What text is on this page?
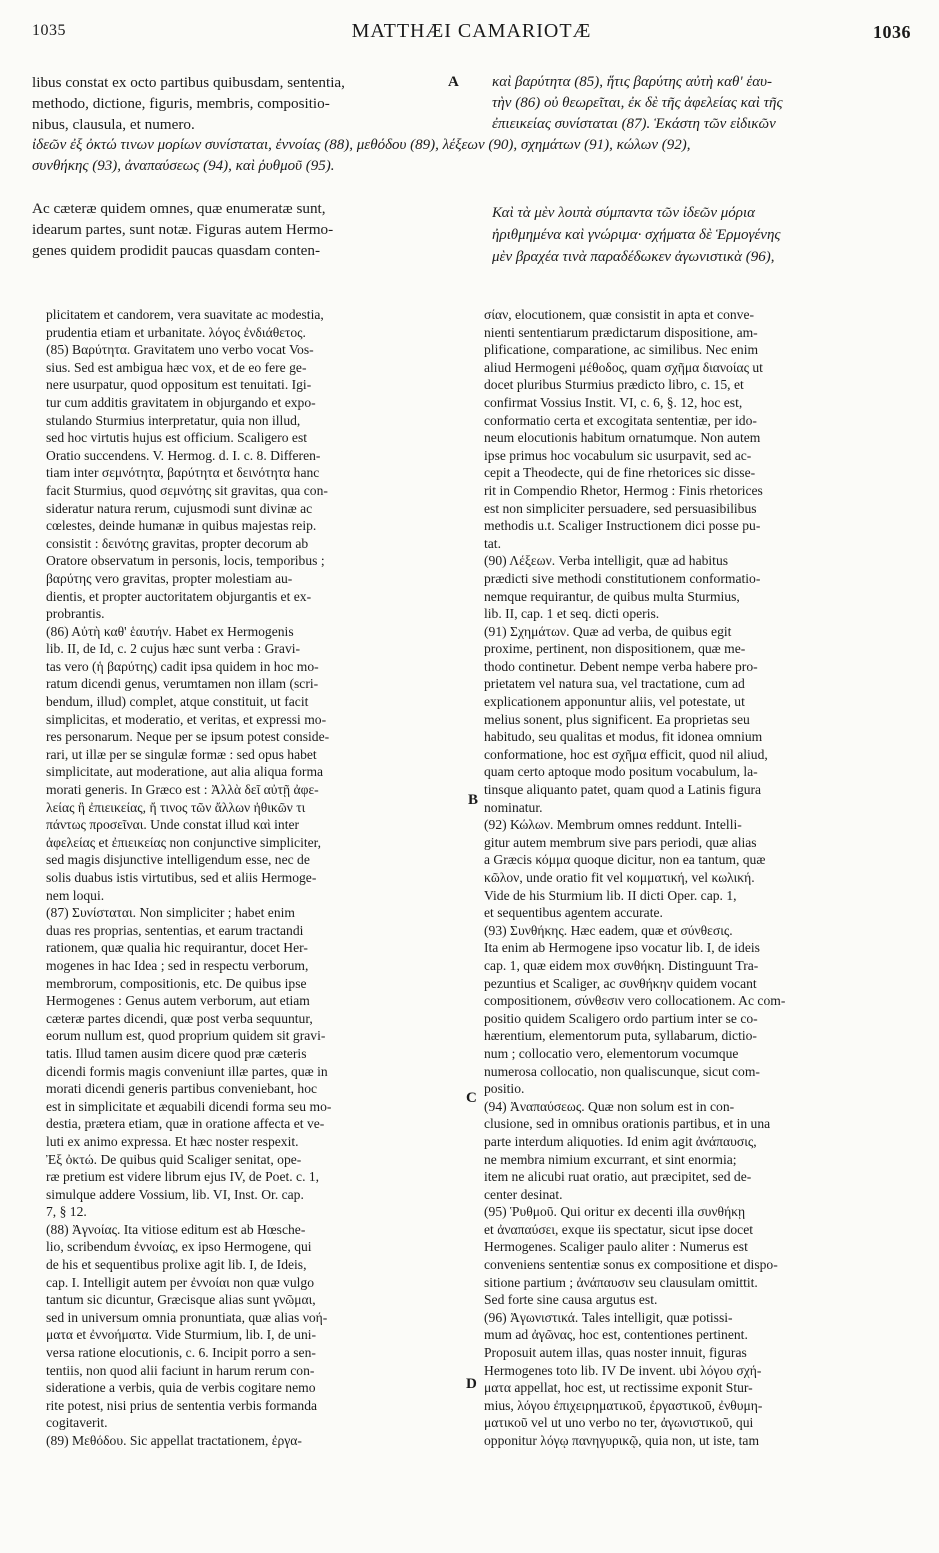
1035	MATTHÆI CAMARIOTÆ	1036
A
B
C
D
libus constat ex octo partibus quibusdam, sententia,
methodo, dictione, figuris, membris, compositio-
nibus, clausula, et numero.
καὶ βαρύτητα (85), ἥτις βαρύτης αὐτὴ καθ' ἑαυ-
τὴν (86) οὐ θεωρεῖται, ἐκ δὲ τῆς ἀφελείας καὶ τῆς
ἐπιεικείας συνίσταται (87). Ἑκάστη τῶν εἰδικῶν
ἰδεῶν ἐξ ὀκτώ τινων μορίων συνίσταται, ἐννοίας (88), μεθόδου (89), λέξεων (90), σχημάτων (91), κώλων (92),
συνθήκης (93), ἀναπαύσεως (94), καὶ ῥυθμοῦ (95).
Ac cæteræ quidem omnes, quæ enumeratæ sunt,
idearum partes, sunt notæ. Figuras autem Hermo-
genes quidem prodidit paucas quasdam conten-
Καὶ τὰ μὲν λοιπὰ σύμπαντα τῶν ἰδεῶν μόρια
ἠριθμημένα καὶ γνώριμα· σχήματα δὲ Ἑρμογένης
μὲν βραχέα τινὰ παραδέδωκεν ἀγωνιστικὰ (96),
plicitatem et candorem, vera suavitate ac modestia,
prudentia etiam et urbanitate. λόγος ἐνδιάθετος.
(85) Βαρύτητα. Gravitatem uno verbo vocat Vos-
sius. Sed est ambigua hæc vox, et de eo fere ge-
nere usurpatur, quod oppositum est tenuitati. Igi-
tur cum additis gravitatem in objurgando et expo-
stulando Sturmius interpretatur, quia non illud,
sed hoc virtutis hujus est officium. Scaligero est
Oratio succendens. V. Hermog. d. I. c. 8. Differen-
tiam inter σεμνότητα, βαρύτητα et δεινότητα hanc
facit Sturmius, quod σεμνότης sit gravitas, qua con-
sideratur natura rerum, cujusmodi sunt divinæ ac
cœlestes, deinde humanæ in quibus majestas reip.
consistit : δεινότης gravitas, propter decorum ab
Oratore observatum in personis, locis, temporibus ;
βαρύτης vero gravitas, propter molestiam au-
dientis, et propter auctoritatem objurgantis et ex-
probrantis.
(86) Αὐτὴ καθ' ἑαυτήν. Habet ex Hermogenis
lib. II, de Id, c. 2 cujus hæc sunt verba : Gravi-
tas vero (ἡ βαρύτης) cadit ipsa quidem in hoc mo-
ratum dicendi genus, verumtamen non illam (scri-
bendum, illud) complet, atque constituit, ut facit
simplicitas, et moderatio, et veritas, et expressi mo-
res personarum. Neque per se ipsum potest conside-
rari, ut illæ per se singulæ formæ : sed opus habet
simplicitate, aut moderatione, aut alia aliqua forma
morati generis. In Græco est : Ἀλλὰ δεῖ αὐτῇ ἀφε-
λείας ἢ ἐπιεικείας, ἤ τινος τῶν ἄλλων ἠθικῶν τι
πάντως προσεῖναι. Unde constat illud καὶ inter
ἀφελείας et ἐπιεικείας non conjunctive simpliciter,
sed magis disjunctive intelligendum esse, nec de
solis duabus istis virtutibus, sed et aliis Hermoge-
nem loqui.
(87) Συνίσταται. Non simpliciter ; habet enim
duas res proprias, sententias, et earum tractandi
rationem, quæ qualia hic requirantur, docet Her-
mogenes in hac Idea ; sed in respectu verborum,
membrorum, compositionis, etc. De quibus ipse
Hermogenes : Genus autem verborum, aut etiam
cæteræ partes dicendi, quæ post verba sequuntur,
eorum nullum est, quod proprium quidem sit gravi-
tatis. Illud tamen ausim dicere quod præ cæteris
dicendi formis magis conveniunt illæ partes, quæ in
morati dicendi generis partibus conveniebant, hoc
est in simplicitate et æquabili dicendi forma seu mo-
destia, prætera etiam, quæ in oratione affecta et ve-
luti ex animo expressa. Et hæc noster respexit.
Ἐξ ὀκτώ. De quibus quid Scaliger senitat, ope-
ræ pretium est videre librum ejus IV, de Poet. c. 1,
simulque addere Vossium, lib. VI, Inst. Or. cap.
7, § 12.
(88) Ἀγνοίας. Ita vitiose editum est ab Hœsche-
lio, scribendum ἐννοίας, ex ipso Hermogene, qui
de his et sequentibus prolixe agit lib. I, de Ideis,
cap. I. Intelligit autem per ἐννοίαι non quæ vulgo
tantum sic dicuntur, Græcisque alias sunt γνῶμαι,
sed in universum omnia pronuntiata, quæ alias νοή-
ματα et ἐννοήματα. Vide Sturmium, lib. I, de uni-
versa ratione elocutionis, c. 6. Incipit porro a sen-
tentiis, non quod alii faciunt in harum rerum con-
sideratione a verbis, quia de verbis cogitare nemo
rite potest, nisi prius de sententia verbis formanda
cogitaverit.
(89) Μεθόδου. Sic appellat tractationem, ἐργα-
σίαν, elocutionem, quæ consistit in apta et conve-
nienti sententiarum prædictarum dispositione, am-
plificatione, comparatione, ac similibus. Nec enim
aliud Hermogeni μέθοδος, quam σχῆμα διανοίας ut
docet pluribus Sturmius prædicto libro, c. 15, et
confirmat Vossius Instit. VI, c. 6, §. 12, hoc est,
conformatio certa et excogitata sententiæ, per ido-
neum elocutionis habitum ornatumque. Non autem
ipse primus hoc vocabulum sic usurpavit, sed ac-
cepit a Theodecte, qui de fine rhetorices sic disse-
rit in Compendio Rhetor, Hermog : Finis rhetorices
est non simpliciter persuadere, sed persuasibilibus
methodis u.t. Scaliger Instructionem dici posse pu-
tat.
(90) Λέξεων. Verba intelligit, quæ ad habitus
prædicti sive methodi constitutionem conformatio-
nemque requirantur, de quibus multa Sturmius,
lib. II, cap. 1 et seq. dicti operis.
(91) Σχημάτων. Quæ ad verba, de quibus egit
proxime, pertinent, non dispositionem, quæ me-
thodo continetur. Debent nempe verba habere pro-
prietatem vel natura sua, vel tractatione, cum ad
explicationem apponuntur aliis, vel potestate, ut
melius sonent, plus significent. Ea proprietas seu
habitudo, seu qualitas et modus, fit idonea omnium
conformatione, hoc est σχῆμα efficit, quod nil aliud,
quam certo aptoque modo positum vocabulum, la-
tinsque aliquanto patet, quam quod a Latinis figura
nominatur.
(92) Κώλων. Membrum omnes reddunt. Intelli-
gitur autem membrum sive pars periodi, quæ alias
a Græcis κόμμα quoque dicitur, non ea tantum, quæ
κῶλον, unde oratio fit vel κομματική, vel κωλική.
Vide de his Sturmium lib. II dicti Oper. cap. 1,
et sequentibus agentem accurate.
(93) Συνθήκης. Hæc eadem, quæ et σύνθεσις.
Ita enim ab Hermogene ipso vocatur lib. I, de ideis
cap. 1, quæ eidem mox συνθήκη. Distinguunt Tra-
pezuntius et Scaliger, ac συνθήκην quidem vocant
compositionem, σύνθεσιν vero collocationem. Ac com-
positio quidem Scaligero ordo partium inter se co-
hærentium, elementorum puta, syllabarum, dictio-
num ; collocatio vero, elementorum vocumque
numerosa collocatio, non qualiscunque, sicut com-
positio.
(94) Ἀναπαύσεως. Quæ non solum est in con-
clusione, sed in omnibus orationis partibus, et in una
parte interdum aliquoties. Id enim agit ἀνάπαυσις,
ne membra nimium excurrant, et sint enormia;
item ne alicubi ruat oratio, aut præcipitet, sed de-
center desinat.
(95) Ῥυθμοῦ. Qui oritur ex decenti illa συνθήκῃ
et ἀναπαύσει, exque iis spectatur, sicut ipse docet
Hermogenes. Scaliger paulo aliter : Numerus est
conveniens sententiæ sonus ex compositione et dispo-
sitione partium ; ἀνάπαυσιν seu clausulam omittit.
Sed forte sine causa argutus est.
(96) Ἀγωνιστικά. Tales intelligit, quæ potissi-
mum ad ἀγῶνας, hoc est, contentiones pertinent.
Proposuit autem illas, quas noster innuit, figuras
Hermogenes toto lib. IV De invent. ubi λόγου σχή-
ματα appellat, hoc est, ut rectissime exponit Stur-
mius, λόγου ἐπιχειρηματικοῦ, ἐργαστικοῦ, ἐνθυμη-
ματικοῦ vel ut uno verbo no ter, ἀγωνιστικοῦ, qui
opponitur λόγῳ πανηγυρικῷ, quia non, ut iste, tam
